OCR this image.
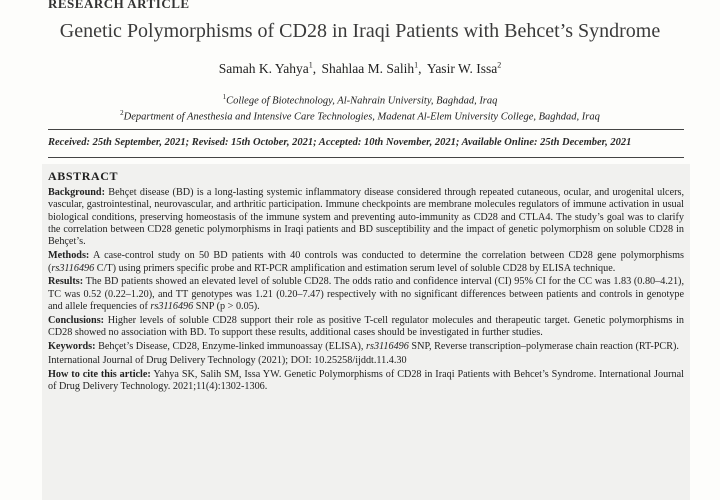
RESEARCH ARTICLE
Genetic Polymorphisms of CD28 in Iraqi Patients with Behcet’s Syndrome
Samah K. Yahya$^1$, Shahlaa M. Salih$^1$, Yasir W. Issa$^2$
$^1$College of Biotechnology, Al-Nahrain University, Baghdad, Iraq
$^2$Department of Anesthesia and Intensive Care Technologies, Madenat Al-Elem University College, Baghdad, Iraq
Received: 25th September, 2021; Revised: 15th October, 2021; Accepted: 10th November, 2021; Available Online: 25th December, 2021
ABSTRACT

Background: Behçet disease (BD) is a long-lasting systemic inflammatory disease considered through repeated cutaneous, ocular, and urogenital ulcers, vascular, gastrointestinal, neurovascular, and arthritic participation. Immune checkpoints are membrane molecules regulators of immune activation in usual biological conditions, preserving homeostasis of the immune system and preventing auto-immunity as CD28 and CTLA4. The study’s goal was to clarify the correlation between CD28 genetic polymorphisms in Iraqi patients and BD susceptibility and the impact of genetic polymorphism on soluble CD28 in Behçet’s.

Methods: A case-control study on 50 BD patients with 40 controls was conducted to determine the correlation between CD28 gene polymorphisms (rs3116496 C/T) using primers specific probe and RT-PCR amplification and estimation serum level of soluble CD28 by ELISA technique.

Results: The BD patients showed an elevated level of soluble CD28. The odds ratio and confidence interval (CI) 95% CI for the CC was 1.83 (0.80–4.21), TC was 0.52 (0.22–1.20), and TT genotypes was 1.21 (0.20–7.47) respectively with no significant differences between patients and controls in genotype and allele frequencies of rs3116496 SNP (p > 0.05).

Conclusions: Higher levels of soluble CD28 support their role as positive T-cell regulator molecules and therapeutic target. Genetic polymorphisms in CD28 showed no association with BD. To support these results, additional cases should be investigated in further studies.

Keywords: Behçet’s Disease, CD28, Enzyme-linked immunoassay (ELISA), rs3116496 SNP, Reverse transcription–polymerase chain reaction (RT-PCR).

International Journal of Drug Delivery Technology (2021); DOI: 10.25258/ijddt.11.4.30

How to cite this article: Yahya SK, Salih SM, Issa YW. Genetic Polymorphisms of CD28 in Iraqi Patients with Behcet’s Syndrome. International Journal of Drug Delivery Technology. 2021;11(4):1302-1306.
